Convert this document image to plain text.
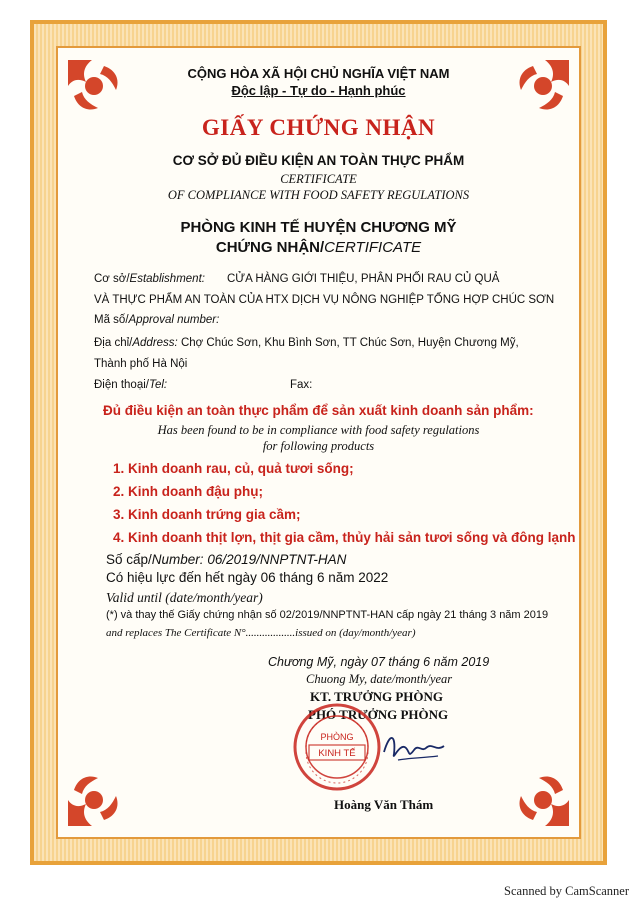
CỘNG HÒA XÃ HỘI CHỦ NGHĨA VIỆT NAM
Độc lập - Tự do - Hạnh phúc
GIẤY CHỨNG NHẬN
CƠ SỞ ĐỦ ĐIỀU KIỆN AN TOÀN THỰC PHẨM
CERTIFICATE
OF COMPLIANCE WITH FOOD SAFETY REGULATIONS
PHÒNG KINH TẾ HUYỆN CHƯƠNG MỸ
CHỨNG NHẬN/CERTIFICATE
Cơ sở/Establishment: CỬA HÀNG GIỚI THIỆU, PHÂN PHỐI RAU CỦ QUẢ
VÀ THỰC PHẨM AN TOÀN CỦA HTX DỊCH VỤ NÔNG NGHIỆP TỔNG HỢP CHÚC SƠN
Mã số/Approval number:
Địa chỉ/Address: Chợ Chúc Sơn, Khu Bình Sơn, TT Chúc Sơn, Huyện Chương Mỹ,
Thành phố Hà Nội
Điện thoại/Tel:	Fax:
Đủ điều kiện an toàn thực phẩm để sản xuất kinh doanh sản phẩm:
Has been found to be in compliance with food safety regulations
for following products
1. Kinh doanh rau, củ, quả tươi sống;
2. Kinh doanh đậu phụ;
3. Kinh doanh trứng gia cầm;
4. Kinh doanh thịt lợn, thịt gia cầm, thủy hải sản tươi sống và đông lạnh
Số cấp/Number: 06/2019/NNPTNT-HAN
Có hiệu lực đến hết ngày 06 tháng 6 năm 2022
Valid until (date/month/year)
(*) và thay thế Giấy chứng nhận số 02/2019/NNPTNT-HAN cấp ngày 21 tháng 3 năm 2019
and replaces The Certificate N°..................issued on (day/month/year)
Chương Mỹ, ngày 07 tháng 6 năm 2019
Chuong My, date/month/year
KT. TRƯỞNG PHÒNG
PHÓ TRƯỞNG PHÒNG
PHÒNG
KINH TẾ
Hoàng Văn Thám
Scanned by CamScanner
